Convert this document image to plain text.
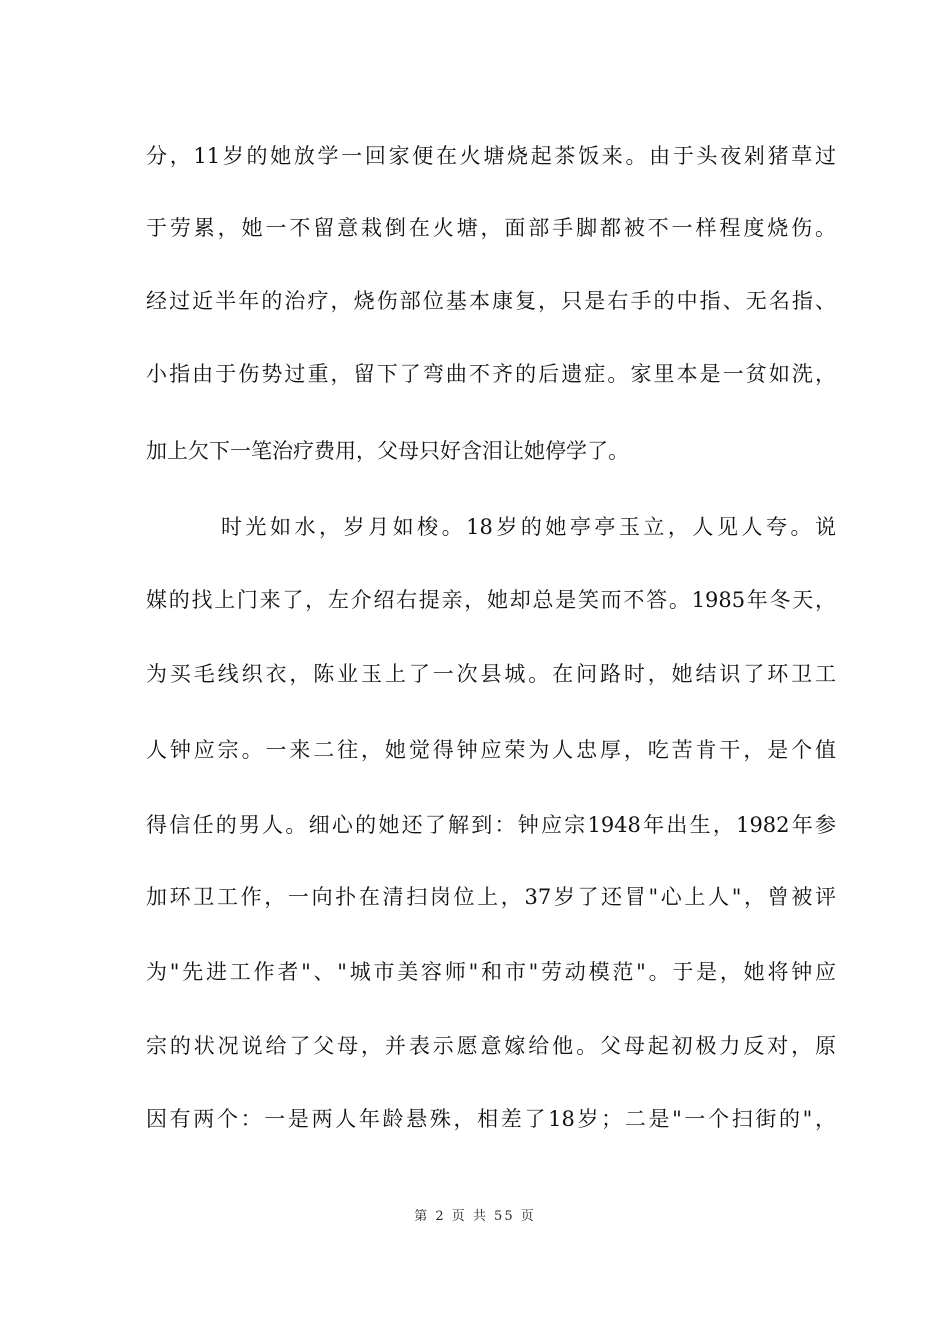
分，11岁的她放学一回家便在火塘烧起茶饭来。由于头夜剁猪草过
于劳累，她一不留意栽倒在火塘，面部手脚都被不一样程度烧伤。
经过近半年的治疗，烧伤部位基本康复，只是右手的中指、无名指、
小指由于伤势过重，留下了弯曲不齐的后遗症。家里本是一贫如洗，
加上欠下一笔治疗费用，父母只好含泪让她停学了。
时光如水，岁月如梭。18岁的她亭亭玉立，人见人夸。说
媒的找上门来了，左介绍右提亲，她却总是笑而不答。1985年冬天，
为买毛线织衣，陈业玉上了一次县城。在问路时，她结识了环卫工
人钟应宗。一来二往，她觉得钟应荣为人忠厚，吃苦肯干，是个值
得信任的男人。细心的她还了解到：钟应宗1948年出生，1982年参
加环卫工作，一向扑在清扫岗位上，37岁了还冒"心上人"，曾被评
为"先进工作者"、"城市美容师"和市"劳动模范"。于是，她将钟应
宗的状况说给了父母，并表示愿意嫁给他。父母起初极力反对，原
因有两个：一是两人年龄悬殊，相差了18岁；二是"一个扫街的"，
第 2 页 共 55 页
